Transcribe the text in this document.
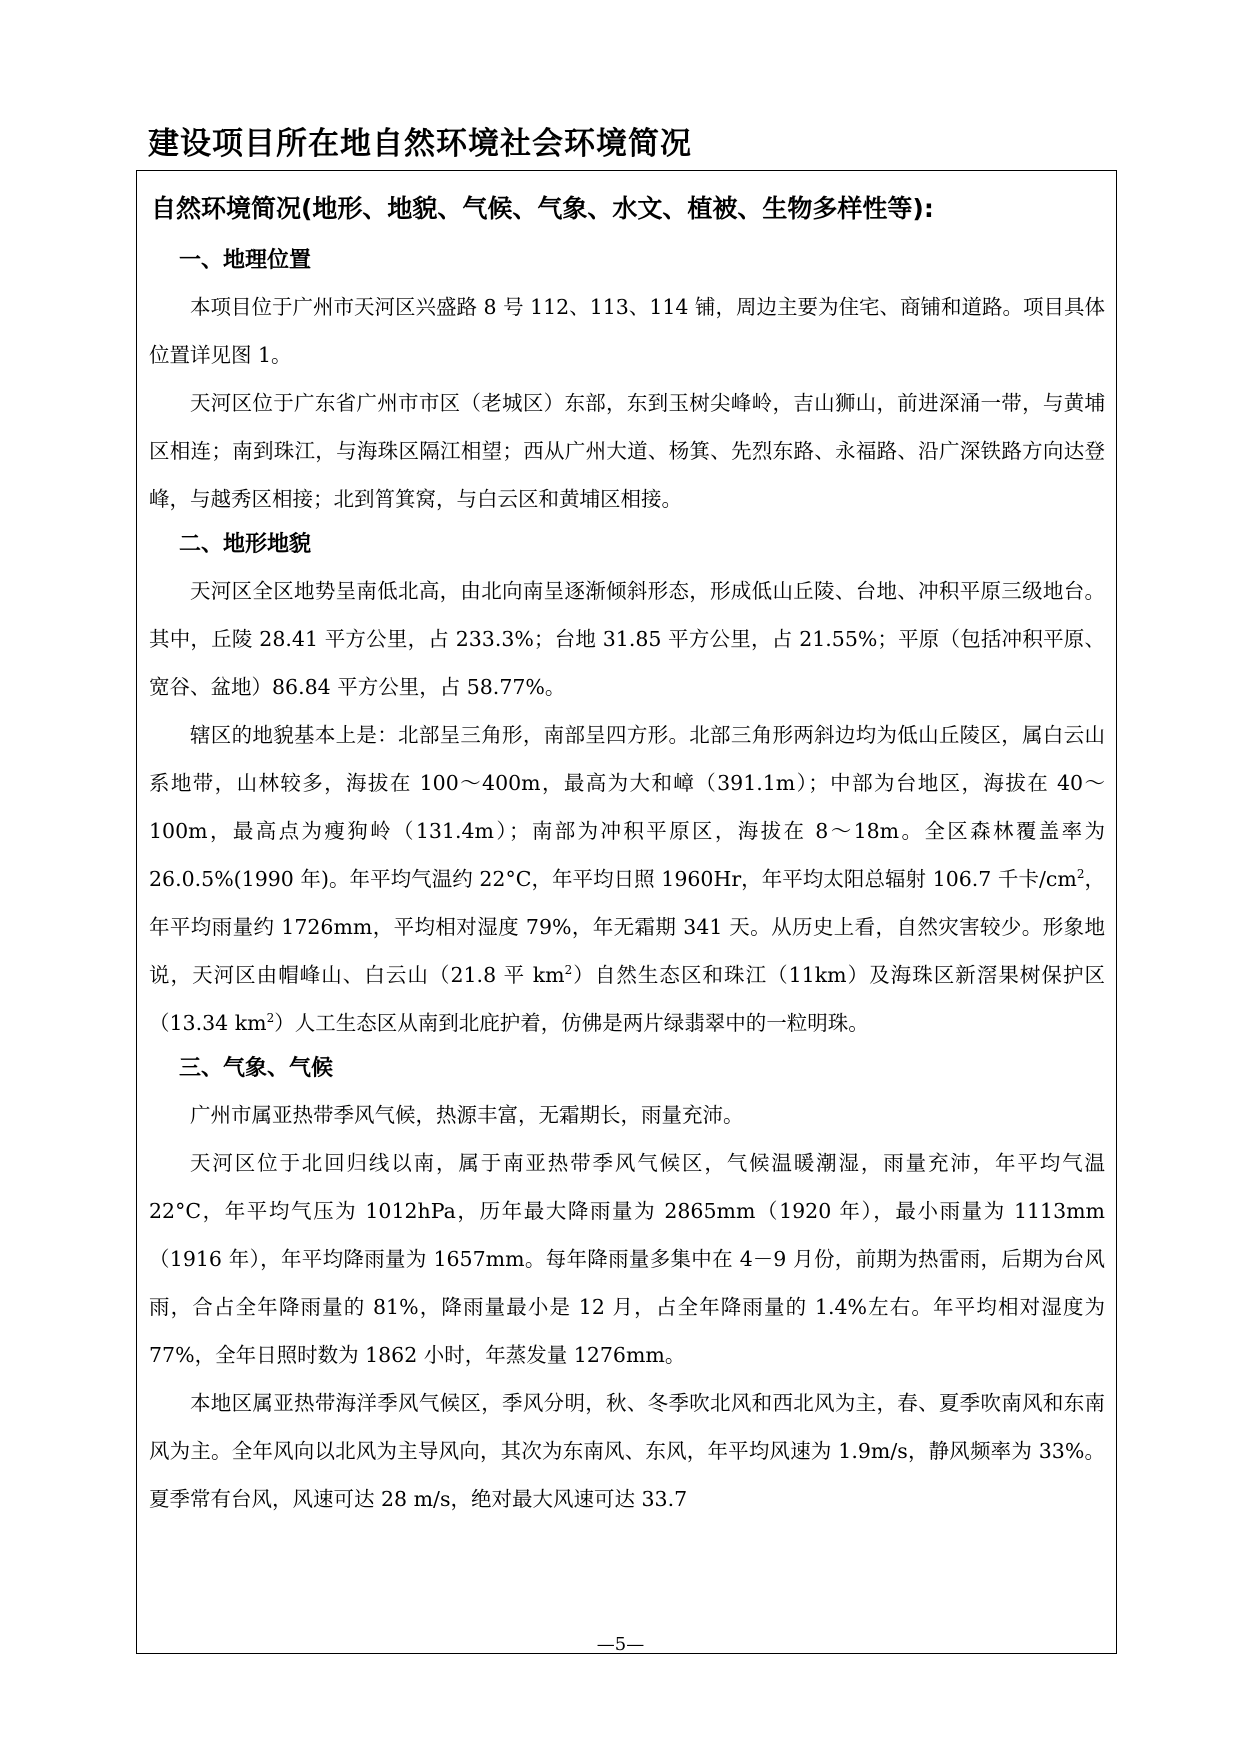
建设项目所在地自然环境社会环境简况
自然环境简况(地形、地貌、气候、气象、水文、植被、生物多样性等):
一、地理位置

本项目位于广州市天河区兴盛路 8 号 112、113、114 铺，周边主要为住宅、商铺和道路。项目具体位置详见图 1。

天河区位于广东省广州市市区（老城区）东部，东到玉树尖峰岭，吉山狮山，前进深涌一带，与黄埔区相连；南到珠江，与海珠区隔江相望；西从广州大道、杨箕、先烈东路、永福路、沿广深铁路方向达登峰，与越秀区相接；北到筲箕窝，与白云区和黄埔区相接。

二、地形地貌

天河区全区地势呈南低北高，由北向南呈逐渐倾斜形态，形成低山丘陵、台地、冲积平原三级地台。其中，丘陵 28.41 平方公里，占 233.3%；台地 31.85 平方公里，占 21.55%；平原（包括冲积平原、宽谷、盆地）86.84 平方公里，占 58.77%。

辖区的地貌基本上是：北部呈三角形，南部呈四方形。北部三角形两斜边均为低山丘陵区，属白云山系地带，山林较多，海拔在 100～400m，最高为大和嶂（391.1m）；中部为台地区，海拔在 40～100m，最高点为瘦狗岭（131.4m）；南部为冲积平原区，海拔在 8～18m。全区森林覆盖率为 26.0.5%(1990 年)。年平均气温约 22°C，年平均日照 1960Hr，年平均太阳总辐射 106.7 千卡$/cm^2$，年平均雨量约 1726mm，平均相对湿度 79%，年无霜期 341 天。从历史上看，自然灾害较少。形象地说，天河区由帽峰山、白云山（21.8 平 $km^2$）自然生态区和珠江（11km）及海珠区新滘果树保护区（13.34 $km^2$）人工生态区从南到北庇护着，仿佛是两片绿翡翠中的一粒明珠。

三、气象、气候

广州市属亚热带季风气候，热源丰富，无霜期长，雨量充沛。

天河区位于北回归线以南，属于南亚热带季风气候区，气候温暖潮湿，雨量充沛，年平均气温 22°C，年平均气压为 1012hPa，历年最大降雨量为 2865mm（1920 年），最小雨量为 1113mm（1916 年），年平均降雨量为 1657mm。每年降雨量多集中在 4－9 月份，前期为热雷雨，后期为台风雨，合占全年降雨量的 81%，降雨量最小是 12 月，占全年降雨量的 1.4%左右。年平均相对湿度为 77%，全年日照时数为 1862 小时，年蒸发量 1276mm。

本地区属亚热带海洋季风气候区，季风分明，秋、冬季吹北风和西北风为主，春、夏季吹南风和东南风为主。全年风向以北风为主导风向，其次为东南风、东风，年平均风速为 1.9m/s，静风频率为 33%。夏季常有台风，风速可达 28 m/s，绝对最大风速可达 33.7

—5—
